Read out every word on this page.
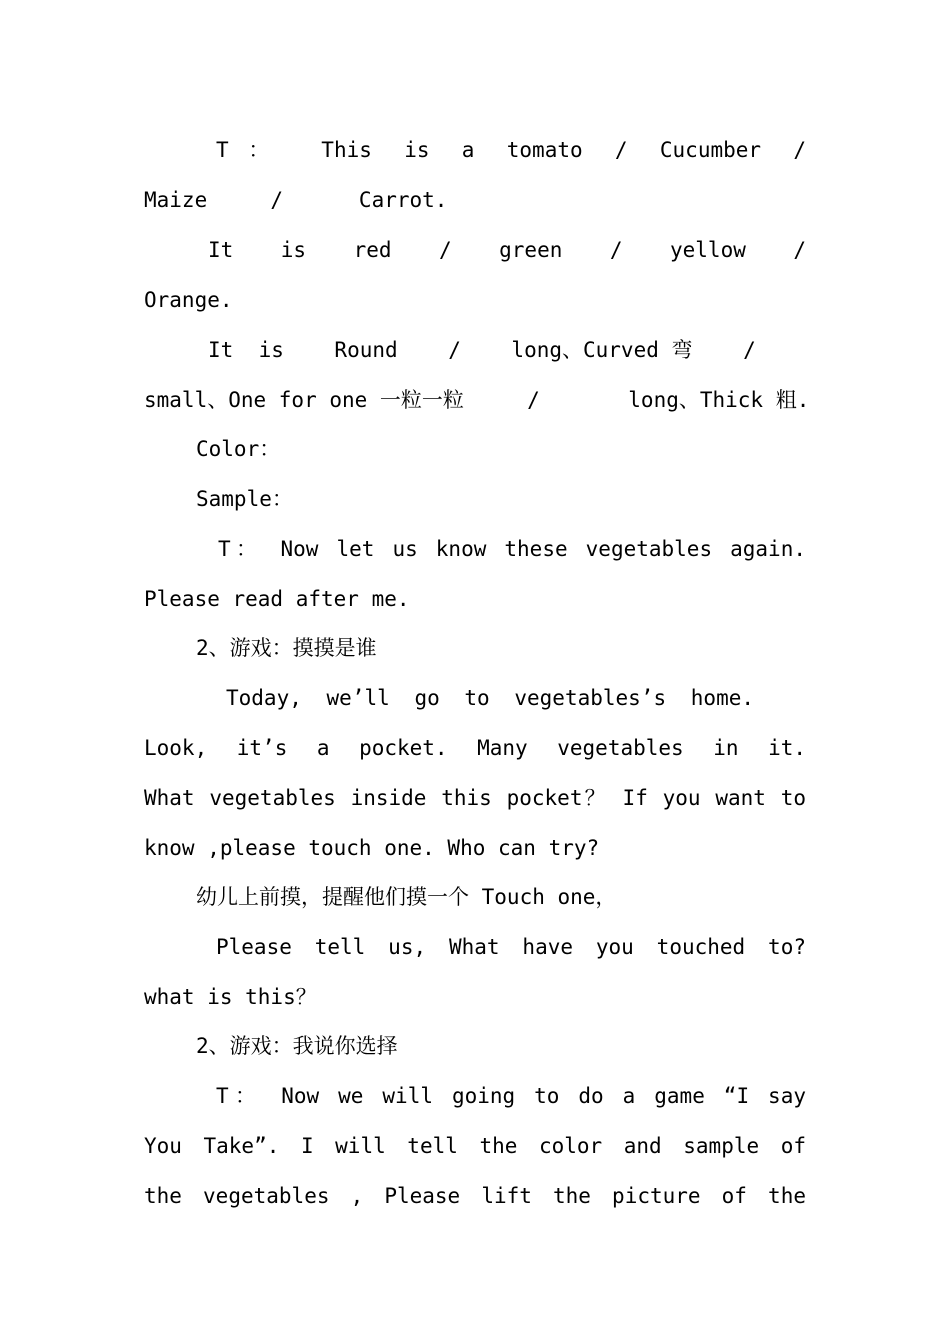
T： This is a tomato / Cucumber /
Maize     /      Carrot.
It is red / green / yellow /
Orange.
It  is    Round    /    long、Curved 弯    /
small、One for one 一粒一粒     /       long、Thick 粗.
Color：
Sample：
T： Now let us know these vegetables again.
Please read after me.
2、游戏：摸摸是谁
Today, we’ll go to vegetables’s home.
Look, it’s a pocket. Many vegetables in it.
What vegetables inside this pocket？ If you want to
know ,please touch one. Who can try?
幼儿上前摸，提醒他们摸一个 Touch one，
Please tell us, What have you touched to?
what is this？
2、游戏：我说你选择
T： Now we will going to do a game “I say
You Take”. I will tell the color and sample of
the vegetables , Please lift the picture of the
